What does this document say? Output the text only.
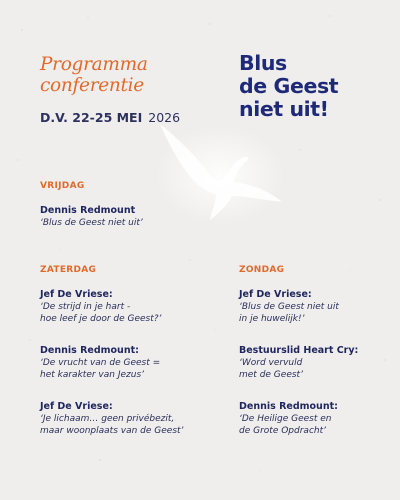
Programma
conferentie
D.V. 22-25 MEI 2026
Blus
de Geest
niet uit!
VRIJDAG
Dennis Redmount
‘Blus de Geest niet uit’
ZATERDAG
Jef De Vriese:
‘De strijd in je hart -
hoe leef je door de Geest?’
Dennis Redmount:
‘De vrucht van de Geest =
het karakter van Jezus’
Jef De Vriese:
‘Je lichaam… geen privébezit,
maar woonplaats van de Geest’
ZONDAG
Jef De Vriese:
‘Blus de Geest niet uit
in je huwelijk!’
Bestuurslid Heart Cry:
‘Word vervuld
met de Geest’
Dennis Redmount:
‘De Heilige Geest en
de Grote Opdracht’
